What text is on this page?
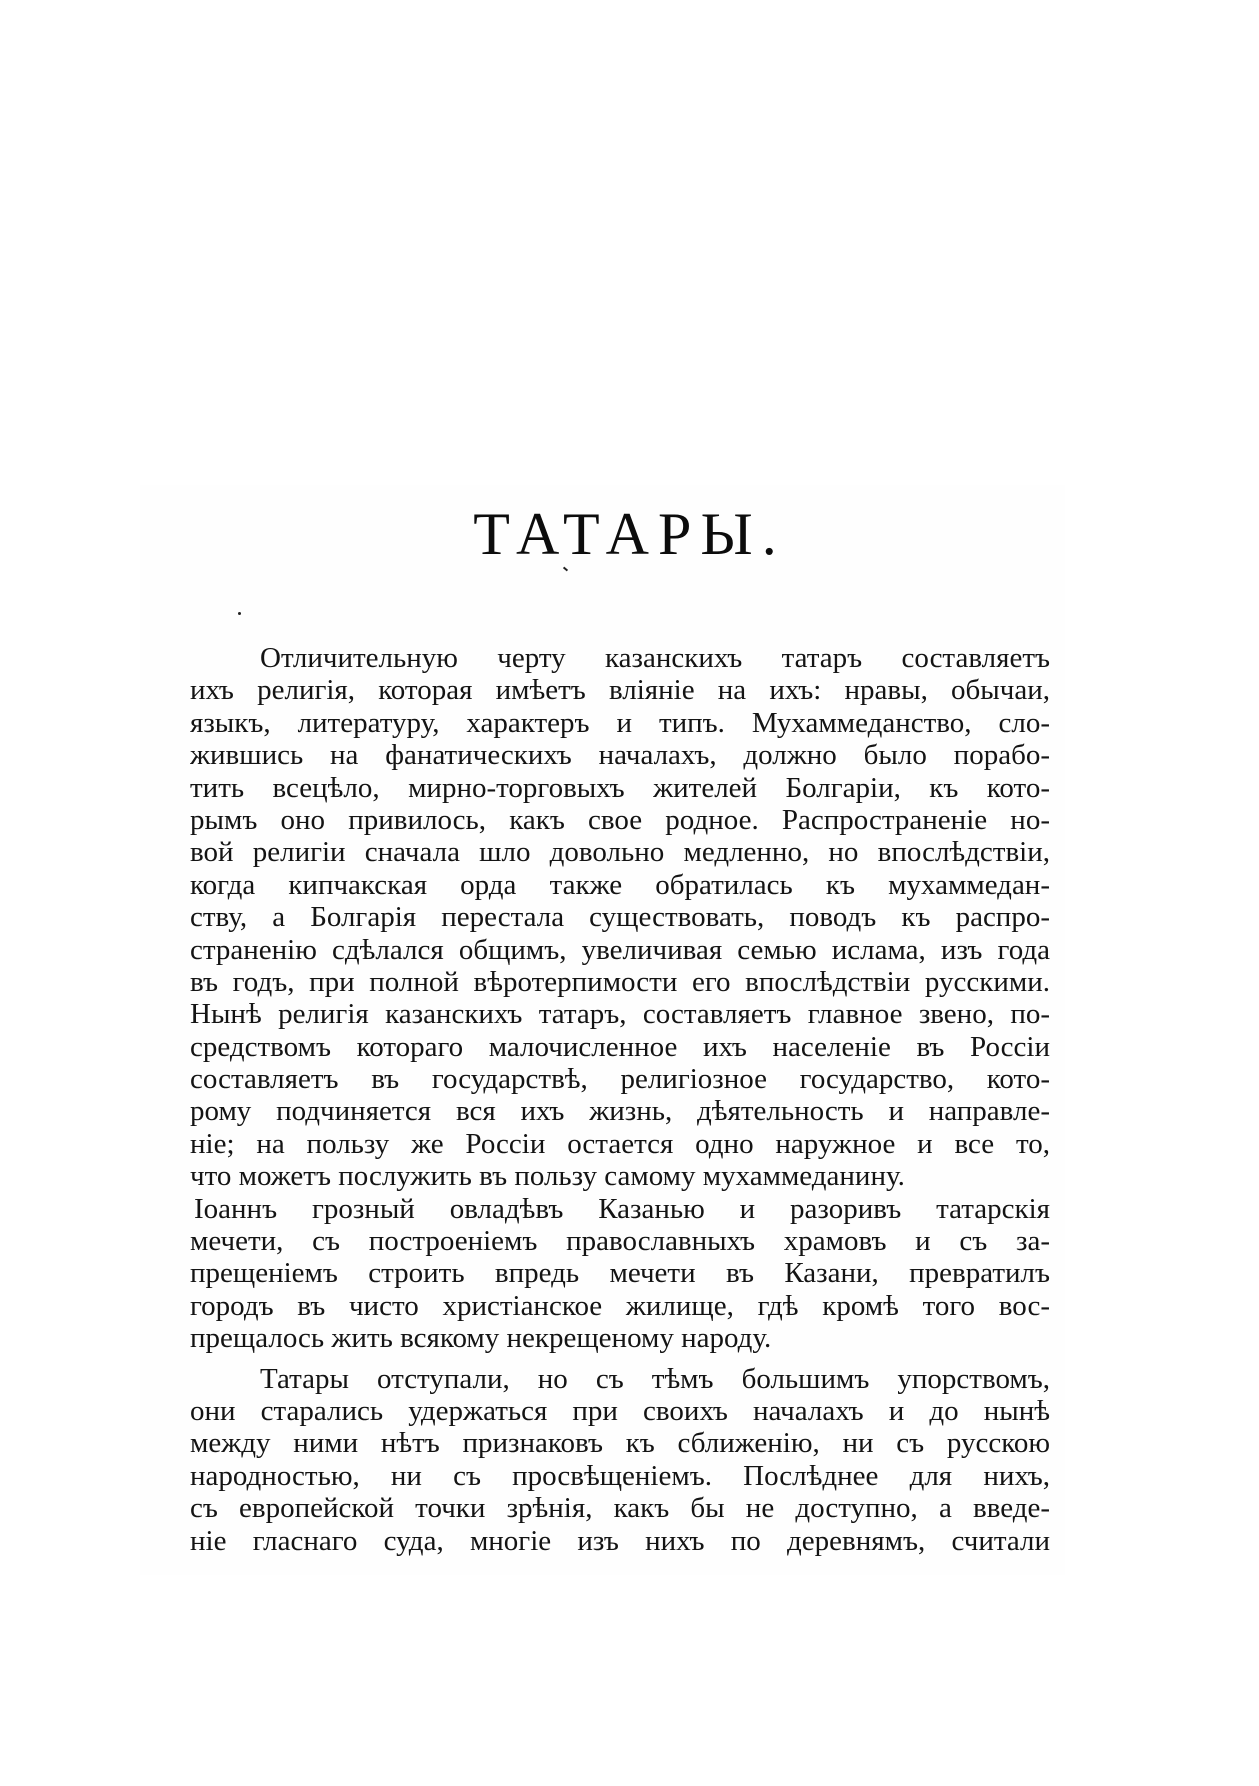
ТАТАРЫ.
Отличительную черту казанскихъ татаръ составляетъ
ихъ религія, которая имѣетъ вліяніе на ихъ: нравы, обычаи,
языкъ, литературу, характеръ и типъ. Мухаммеданство, сло-
жившись на фанатическихъ началахъ, должно было порабо-
тить всецѣло, мирно-торговыхъ жителей Болгаріи, къ кото-
рымъ оно привилось, какъ свое родное. Распространеніе но-
вой религіи сначала шло довольно медленно, но впослѣдствіи,
когда кипчакская орда также обратилась къ мухаммедан-
ству, а Болгарія перестала существовать, поводъ къ распро-
страненію сдѣлался общимъ, увеличивая семью ислама, изъ года
въ годъ, при полной вѣротерпимости его впослѣдствіи русскими.
Нынѣ религія казанскихъ татаръ, составляетъ главное звено, по-
средствомъ котораго малочисленное ихъ населеніе въ Россіи
составляетъ въ государствѣ, религіозное государство, кото-
рому подчиняется вся ихъ жизнь, дѣятельность и направле-
ніе; на пользу же Россіи остается одно наружное и все то,
что можетъ послужить въ пользу самому мухаммеданину.
Іоаннъ грозный овладѣвъ Казанью и разоривъ татарскія
мечети, съ построеніемъ православныхъ храмовъ и съ за-
прещеніемъ строить впредь мечети въ Казани, превратилъ
городъ въ чисто христіанское жилище, гдѣ кромѣ того вос-
прещалось жить всякому некрещеному народу.
Татары отступали, но съ тѣмъ большимъ упорствомъ,
они старались удержаться при своихъ началахъ и до нынѣ
между ними нѣтъ признаковъ къ сближенію, ни съ русскою
народностью, ни съ просвѣщеніемъ. Послѣднее для нихъ,
съ европейской точки зрѣнія, какъ бы не доступно, а введе-
ніе гласнаго суда, многіе изъ нихъ по деревнямъ, считали
